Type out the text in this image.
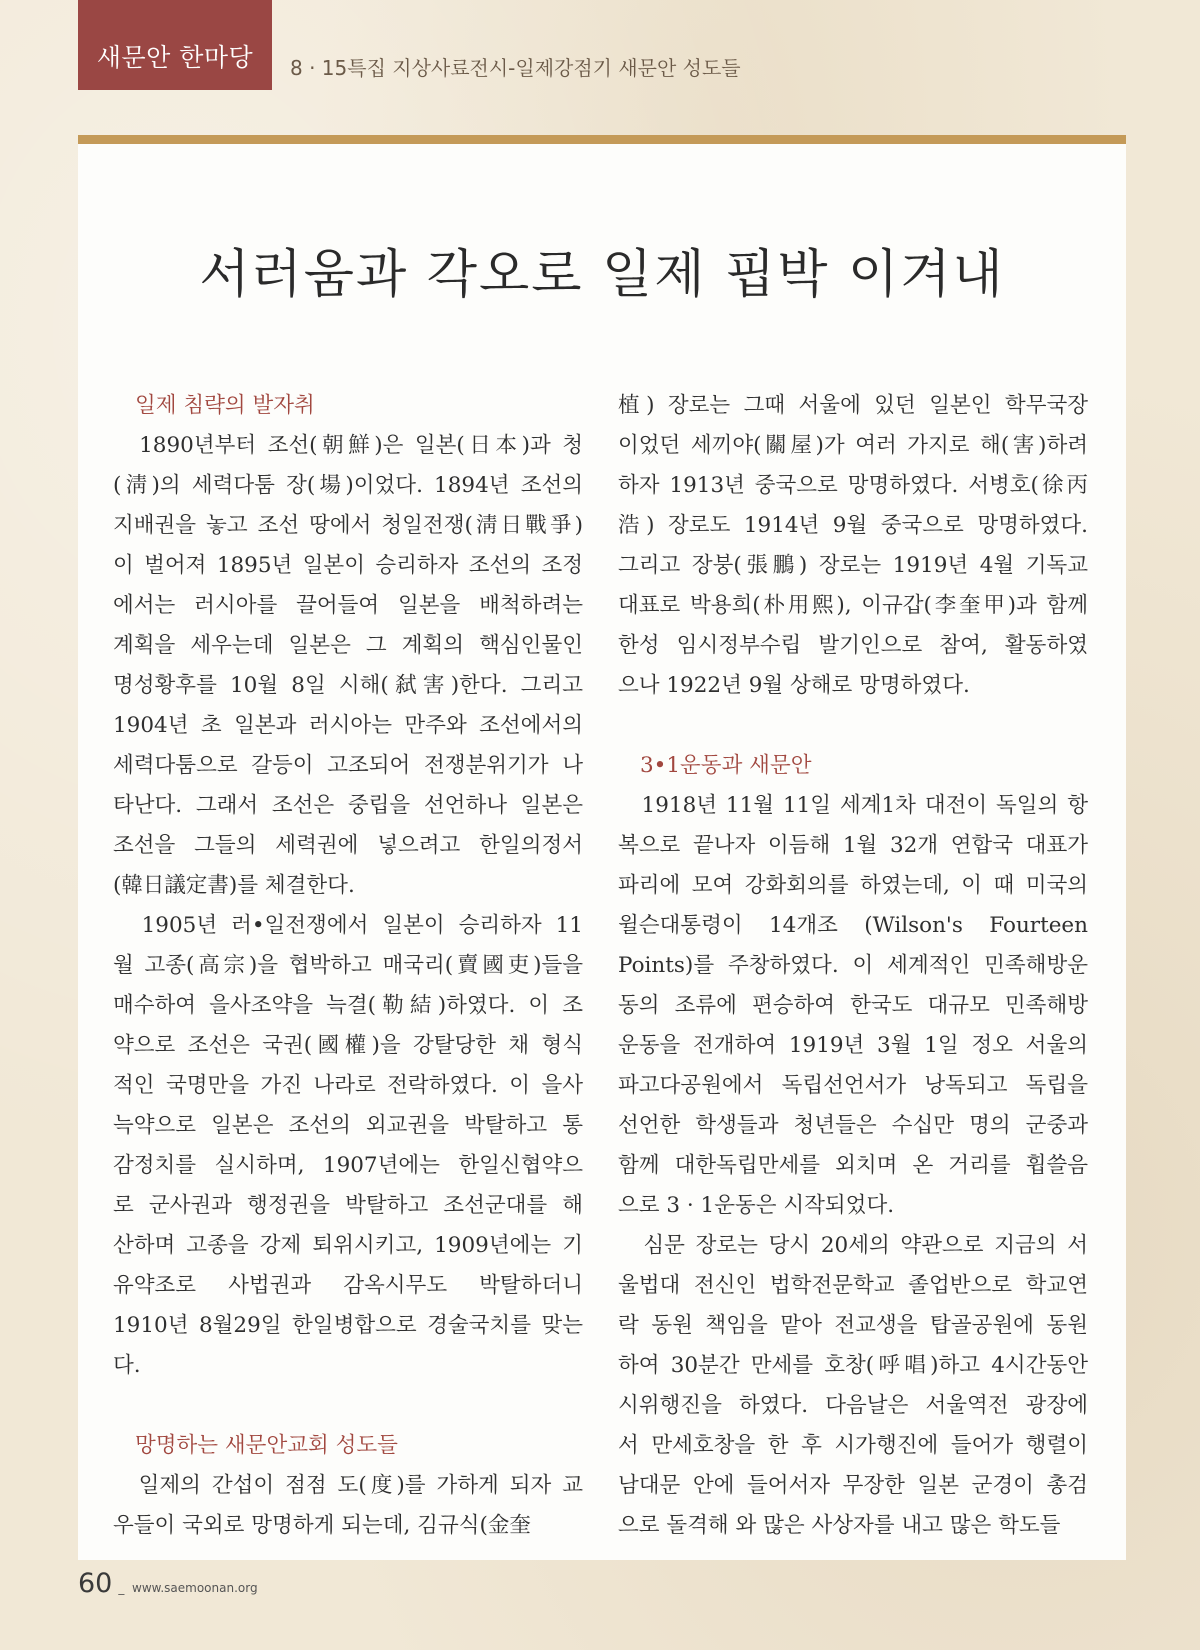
새문안 한마당 8 · 15특집 지상사료전시-일제강점기 새문안 성도들
서러움과 각오로 일제 핍박 이겨내
일제 침략의 발자취
　1890년부터 조선(朝鮮)은 일본(日本)과 청
(淸)의 세력다툼 장(場)이었다. 1894년 조선의
지배권을 놓고 조선 땅에서 청일전쟁(淸日戰爭)
이 벌어져 1895년 일본이 승리하자 조선의 조정
에서는 러시아를 끌어들여 일본을 배척하려는
계획을 세우는데 일본은 그 계획의 핵심인물인
명성황후를 10월 8일 시해(弑害)한다. 그리고
1904년 초 일본과 러시아는 만주와 조선에서의
세력다툼으로 갈등이 고조되어 전쟁분위기가 나
타난다. 그래서 조선은 중립을 선언하나 일본은
조선을 그들의 세력권에 넣으려고 한일의정서
(韓日議定書)를 체결한다.
　1905년 러•일전쟁에서 일본이 승리하자 11
월 고종(高宗)을 협박하고 매국리(賣國吏)들을
매수하여 을사조약을 늑결(勒結)하였다. 이 조
약으로 조선은 국권(國權)을 강탈당한 채 형식
적인 국명만을 가진 나라로 전락하였다. 이 을사
늑약으로 일본은 조선의 외교권을 박탈하고 통
감정치를 실시하며, 1907년에는 한일신협약으
로 군사권과 행정권을 박탈하고 조선군대를 해
산하며 고종을 강제 퇴위시키고, 1909년에는 기
유약조로 사법권과 감옥시무도 박탈하더니
1910년 8월29일 한일병합으로 경술국치를 맞는
다.
망명하는 새문안교회 성도들
　일제의 간섭이 점점 도(度)를 가하게 되자 교
우들이 국외로 망명하게 되는데, 김규식(金奎
植) 장로는 그때 서울에 있던 일본인 학무국장
이었던 세끼야(關屋)가 여러 가지로 해(害)하려
하자 1913년 중국으로 망명하였다. 서병호(徐丙
浩) 장로도 1914년 9월 중국으로 망명하였다.
그리고 장붕(張鵬) 장로는 1919년 4월 기독교
대표로 박용희(朴用熙), 이규갑(李奎甲)과 함께
한성 임시정부수립 발기인으로 참여, 활동하였
으나 1922년 9월 상해로 망명하였다.
3•1운동과 새문안
　1918년 11월 11일 세계1차 대전이 독일의 항
복으로 끝나자 이듬해 1월 32개 연합국 대표가
파리에 모여 강화회의를 하였는데, 이 때 미국의
윌슨대통령이 14개조 (Wilson's Fourteen
Points)를 주창하였다. 이 세계적인 민족해방운
동의 조류에 편승하여 한국도 대규모 민족해방
운동을 전개하여 1919년 3월 1일 정오 서울의
파고다공원에서 독립선언서가 낭독되고 독립을
선언한 학생들과 청년들은 수십만 명의 군중과
함께 대한독립만세를 외치며 온 거리를 휩쓸음
으로 3 · 1운동은 시작되었다.
　심문 장로는 당시 20세의 약관으로 지금의 서
울법대 전신인 법학전문학교 졸업반으로 학교연
락 동원 책임을 맡아 전교생을 탑골공원에 동원
하여 30분간 만세를 호창(呼唱)하고 4시간동안
시위행진을 하였다. 다음날은 서울역전 광장에
서 만세호창을 한 후 시가행진에 들어가 행렬이
남대문 안에 들어서자 무장한 일본 군경이 총검
으로 돌격해 와 많은 사상자를 내고 많은 학도들
60 _  www.saemoonan.org
